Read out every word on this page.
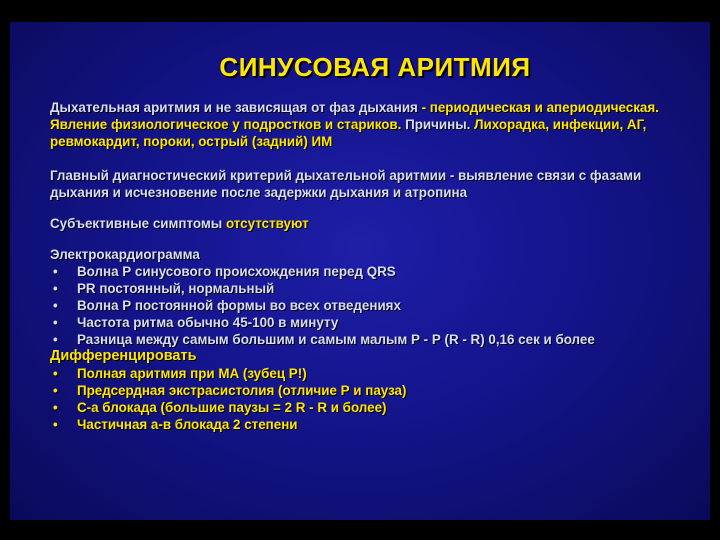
СИНУСОВАЯ АРИТМИЯ

Дыхательная аритмия и не зависящая от фаз дыхания - периодическая и апериодическая. Явление физиологическое у подростков и стариков. Причины. Лихорадка, инфекции, АГ, ревмокардит, пороки, острый (задний) ИМ

Главный диагностический критерий дыхательной аритмии - выявление связи с фазами дыхания и исчезновение после задержки дыхания и атропина

Субъективные симптомы отсутствуют

Электрокардиограмма

• Волна Р синусового происхождения перед QRS
• PR постоянный, нормальный
• Волна Р постоянной формы во всех отведениях
• Частота ритма обычно 45-100 в минуту
• Разница между самым большим и самым малым Р - Р (R - R) 0,16 сек и более

Дифференцировать

• Полная аритмия при МА (зубец Р!)
• Предсердная экстрасистолия (отличие Р и пауза)
• С-а блокада (большие паузы = 2 R - R и более)
• Частичная а-в блокада 2 степени
